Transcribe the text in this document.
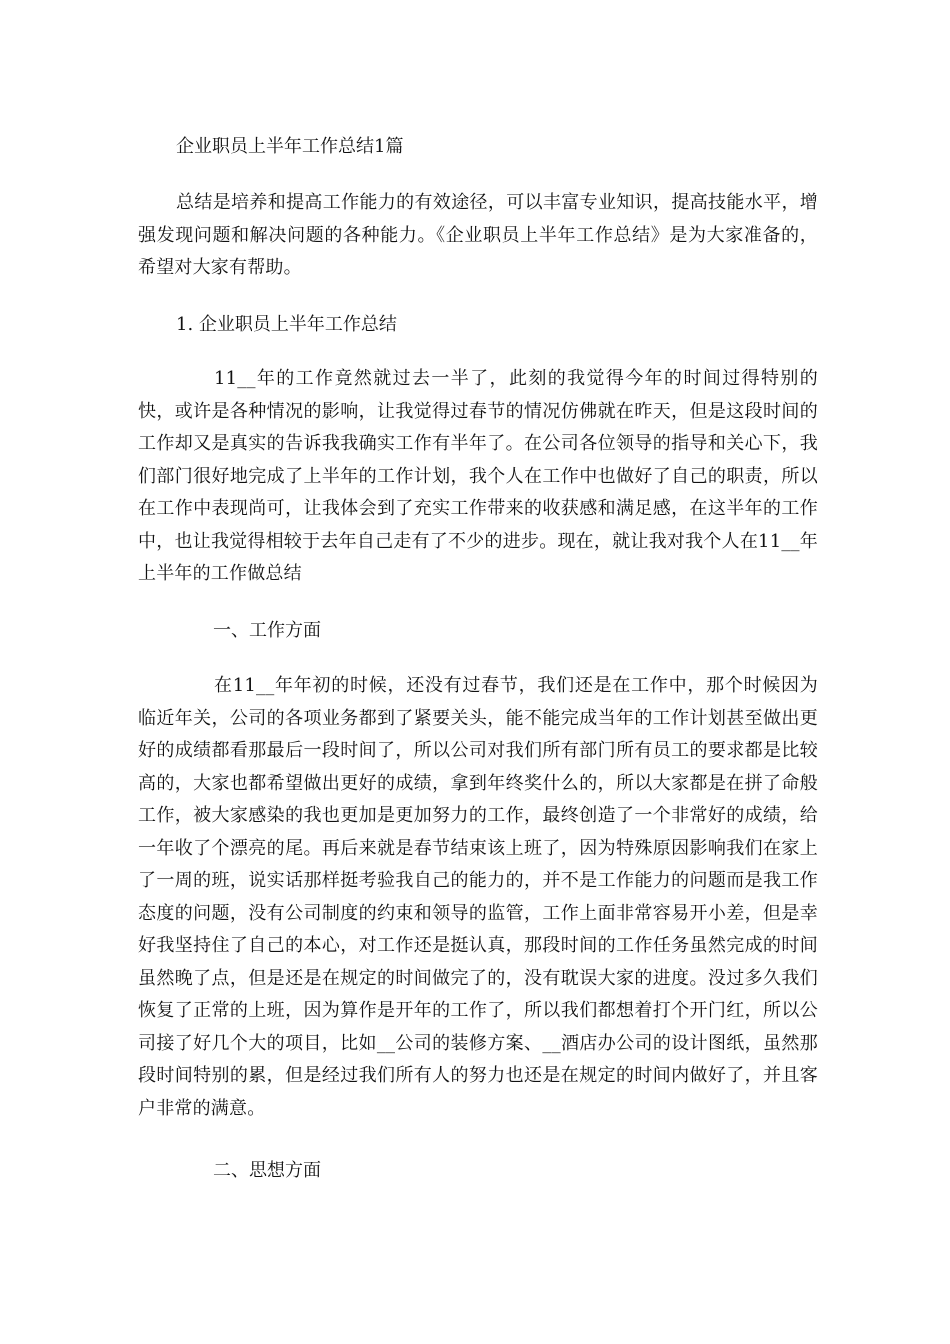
企业职员上半年工作总结1篇

总结是培养和提高工作能力的有效途径，可以丰富专业知识，提高技能水平，增强发现问题和解决问题的各种能力。《企业职员上半年工作总结》是为大家准备的，希望对大家有帮助。

1. 企业职员上半年工作总结

11__年的工作竟然就过去一半了，此刻的我觉得今年的时间过得特别的快，或许是各种情况的影响，让我觉得过春节的情况仿佛就在昨天，但是这段时间的工作却又是真实的告诉我我确实工作有半年了。在公司各位领导的指导和关心下，我们部门很好地完成了上半年的工作计划，我个人在工作中也做好了自己的职责，所以在工作中表现尚可，让我体会到了充实工作带来的收获感和满足感，在这半年的工作中，也让我觉得相较于去年自己走有了不少的进步。现在，就让我对我个人在11__年上半年的工作做总结

一、工作方面

在11__年年初的时候，还没有过春节，我们还是在工作中，那个时候因为临近年关，公司的各项业务都到了紧要关头，能不能完成当年的工作计划甚至做出更好的成绩都看那最后一段时间了，所以公司对我们所有部门所有员工的要求都是比较高的，大家也都希望做出更好的成绩，拿到年终奖什么的，所以大家都是在拼了命般工作，被大家感染的我也更加是更加努力的工作，最终创造了一个非常好的成绩，给一年收了个漂亮的尾。再后来就是春节结束该上班了，因为特殊原因影响我们在家上了一周的班，说实话那样挺考验我自己的能力的，并不是工作能力的问题而是我工作态度的问题，没有公司制度的约束和领导的监管，工作上面非常容易开小差，但是幸好我坚持住了自己的本心，对工作还是挺认真，那段时间的工作任务虽然完成的时间虽然晚了点，但是还是在规定的时间做完了的，没有耽误大家的进度。没过多久我们恢复了正常的上班，因为算作是开年的工作了，所以我们都想着打个开门红，所以公司接了好几个大的项目，比如__公司的装修方案、__酒店办公司的设计图纸，虽然那段时间特别的累，但是经过我们所有人的努力也还是在规定的时间内做好了，并且客户非常的满意。

二、思想方面
